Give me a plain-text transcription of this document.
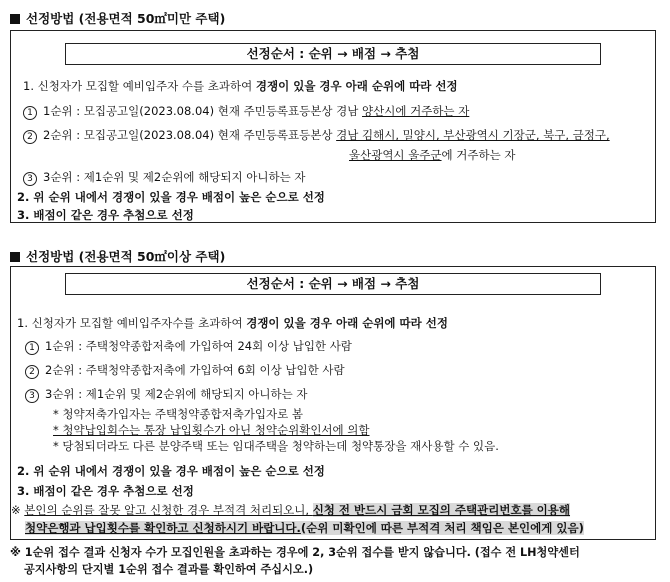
선정방법 (전용면적 50㎡미만 주택)
선정순서 : 순위 → 배점 → 추첨
1. 신청자가 모집할 예비입주자 수를 초과하여 경쟁이 있을 경우 아래 순위에 따라 선정
1 1순위 : 모집공고일(2023.08.04) 현재 주민등록표등본상 경남 양산시에 거주하는 자
2 2순위 : 모집공고일(2023.08.04) 현재 주민등록표등본상 경남 김해시, 밀양시, 부산광역시 기장군, 북구, 금정구,
울산광역시 울주군에 거주하는 자
3 3순위 : 제1순위 및 제2순위에 해당되지 아니하는 자
2. 위 순위 내에서 경쟁이 있을 경우 배점이 높은 순으로 선정
3. 배점이 같은 경우 추첨으로 선정
선정방법 (전용면적 50㎡이상 주택)
선정순서 : 순위 → 배점 → 추첨
1. 신청자가 모집할 예비입주자수를 초과하여 경쟁이 있을 경우 아래 순위에 따라 선정
1 1순위 : 주택청약종합저축에 가입하여 24회 이상 납입한 사람
2 2순위 : 주택청약종합저축에 가입하여 6회 이상 납입한 사람
3 3순위 : 제1순위 및 제2순위에 해당되지 아니하는 자
* 청약저축가입자는 주택청약종합저축가입자로 봄
* 청약납입회수는 통장 납입횟수가 아닌 청약순위확인서에 의함
* 당첨되더라도 다른 분양주택 또는 임대주택을 청약하는데 청약통장을 재사용할 수 있음.
2. 위 순위 내에서 경쟁이 있을 경우 배점이 높은 순으로 선정
3. 배점이 같은 경우 추첨으로 선정
※ 본인의 순위를 잘못 알고 신청한 경우 부적격 처리되오니, 신청 전 반드시 금회 모집의 주택관리번호를 이용해
청약은행과 납입횟수를 확인하고 신청하시기 바랍니다.(순위 미확인에 따른 부적격 처리 책임은 본인에게 있음)
※ 1순위 접수 결과 신청자 수가 모집인원을 초과하는 경우에 2, 3순위 접수를 받지 않습니다. (접수 전 LH청약센터
공지사항의 단지별 1순위 접수 결과를 확인하여 주십시오.)
